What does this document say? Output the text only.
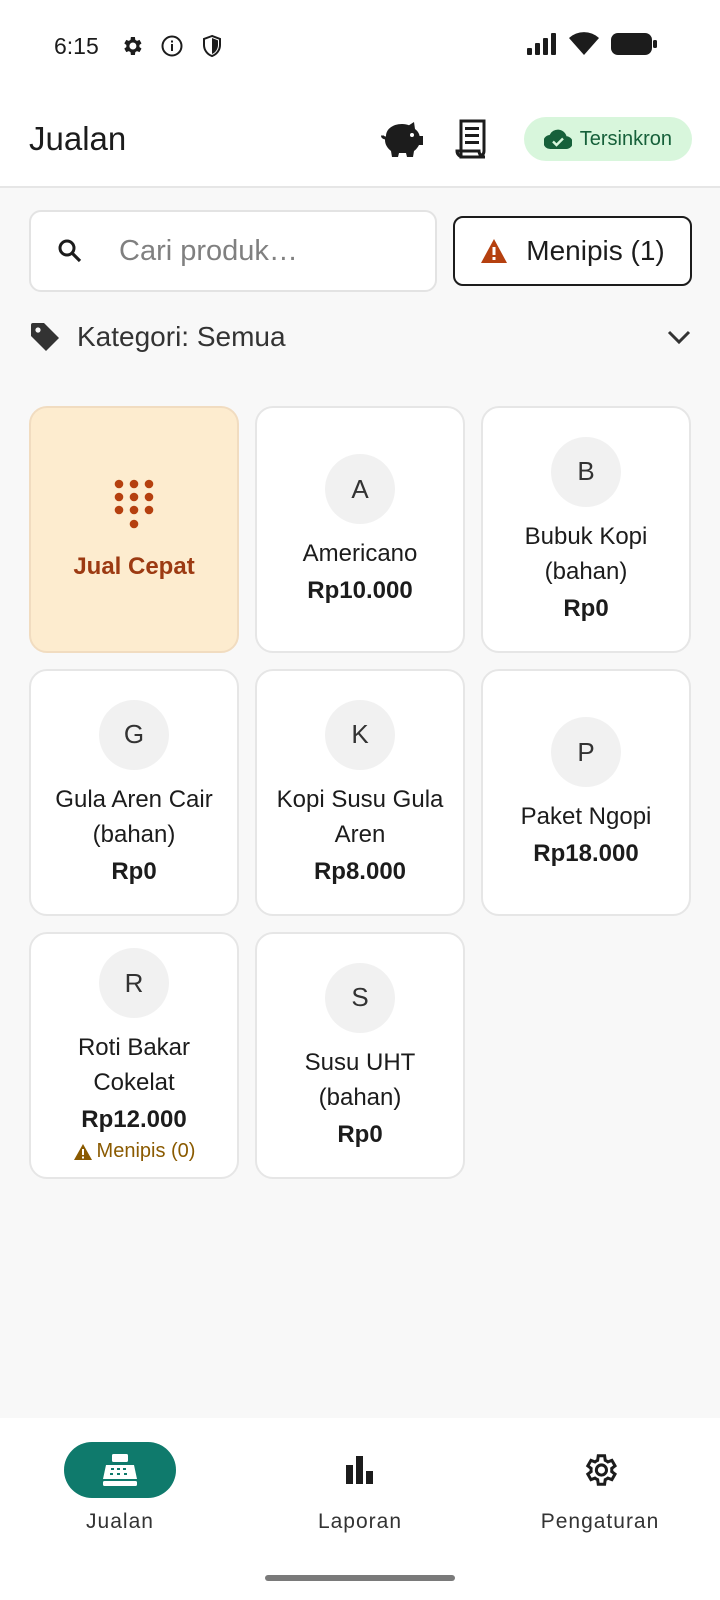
6:15
Jualan	Tersinkron
Cari produk…
Menipis (1)
Kategori: Semua
Jual Cepat
A
Americano
Rp10.000
B
Bubuk Kopi (bahan)
Rp0
G
Gula Aren Cair (bahan)
Rp0
K
Kopi Susu Gula Aren
Rp8.000
P
Paket Ngopi
Rp18.000
R
Roti Bakar Cokelat
Rp12.000
Menipis (0)
S
Susu UHT (bahan)
Rp0
Jualan	Laporan	Pengaturan
